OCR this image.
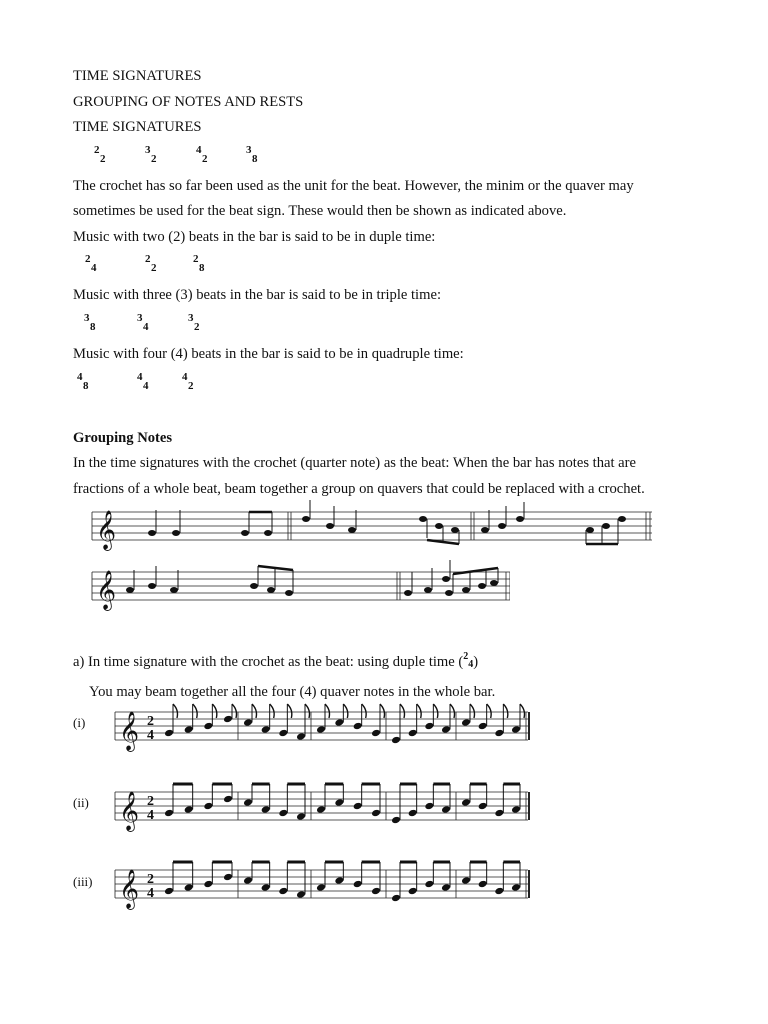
TIME SIGNATURES
GROUPING OF NOTES AND RESTS
TIME SIGNATURES
2
2
3
2
4
2
3
8
The crochet has so far been used as the unit for the beat. However, the minim or the quaver may
sometimes be used for the beat sign. These would then be shown as indicated above.
Music with two (2) beats in the bar is said to be in duple time:
2
4
2
2
2
8
Music with three (3) beats in the bar is said to be in triple time:
3
8
3
4
3
2
Music with four (4) beats in the bar is said to be in quadruple time:
4
8
4
4
4
2
Grouping Notes
In the time signatures with the crochet (quarter note) as the beat: When the bar has notes that are
fractions of a whole beat, beam together a group on quavers that could be replaced with a crochet.
𝄞
𝄞
a) In time signature with the crochet as the beat: using duple time ($^2$4)
You may beam together all the four (4) quaver notes in the whole bar.
(i)
(ii)
(iii)
𝄞 2
4
𝄞 2
4
𝄞 2
4
